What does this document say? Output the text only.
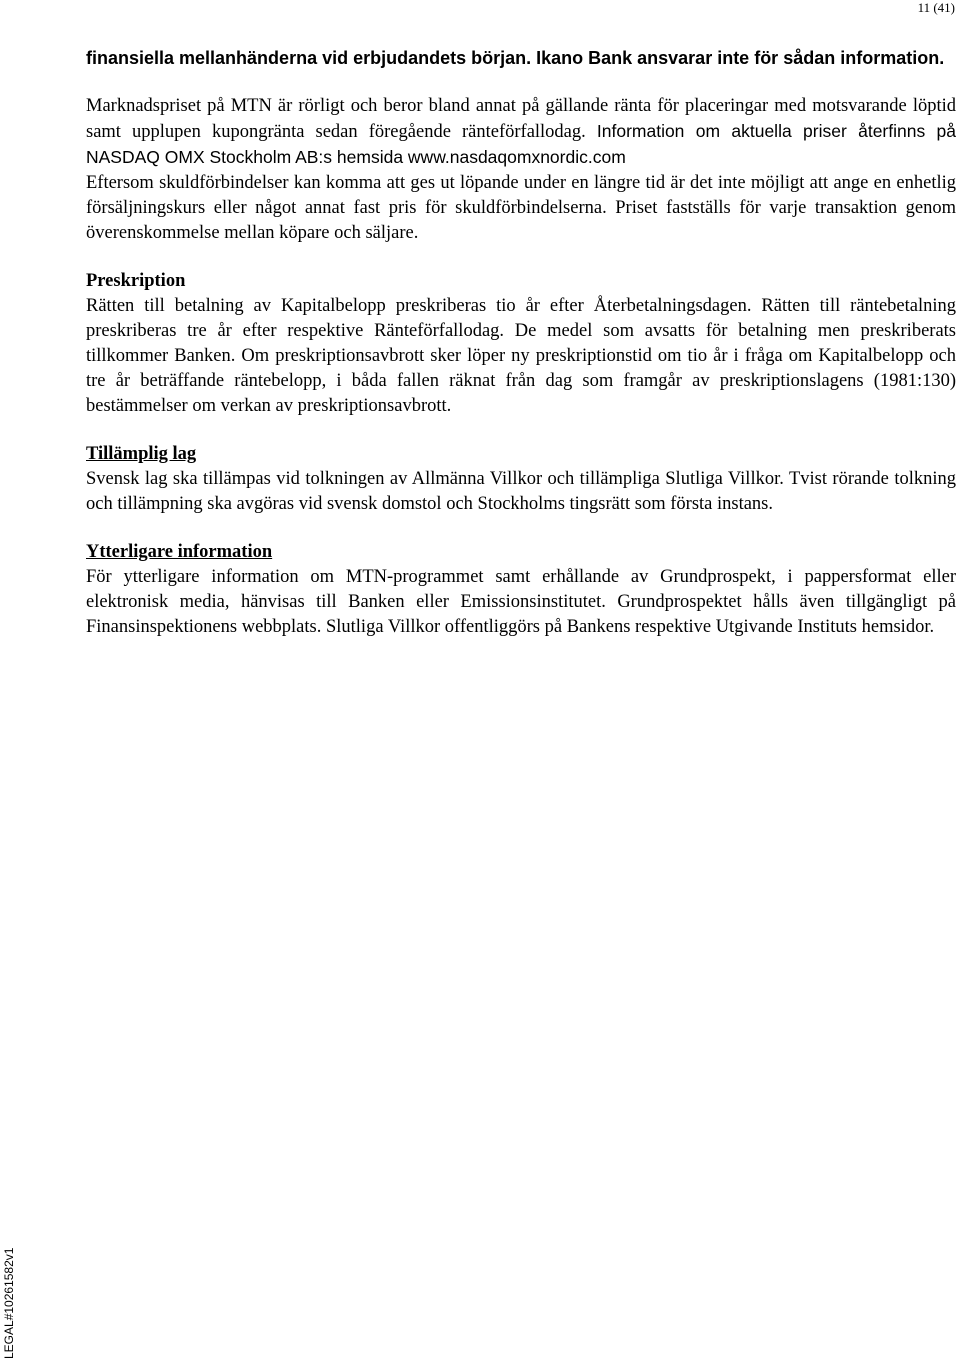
11 (41)

finansiella mellanhänderna vid erbjudandets början. Ikano Bank ansvarar inte för sådan information.

Marknadspriset på MTN är rörligt och beror bland annat på gällande ränta för placeringar med motsvarande löptid samt upplupen kupongränta sedan föregående ränteförfallodag. Information om aktuella priser återfinns på NASDAQ OMX Stockholm AB:s hemsida www.nasdaqomxnordic.com

Eftersom skuldförbindelser kan komma att ges ut löpande under en längre tid är det inte möjligt att ange en enhetlig försäljningskurs eller något annat fast pris för skuldförbindelserna. Priset fastställs för varje transaktion genom överenskommelse mellan köpare och säljare.

Preskription

Rätten till betalning av Kapitalbelopp preskriberas tio år efter Återbetalningsdagen. Rätten till räntebetalning preskriberas tre år efter respektive Ränteförfallodag. De medel som avsatts för betalning men preskriberats tillkommer Banken. Om preskriptionsavbrott sker löper ny preskriptionstid om tio år i fråga om Kapitalbelopp och tre år beträffande räntebelopp, i båda fallen räknat från dag som framgår av preskriptionslagens (1981:130) bestämmelser om verkan av preskriptionsavbrott.

Tillämplig lag

Svensk lag ska tillämpas vid tolkningen av Allmänna Villkor och tillämpliga Slutliga Villkor. Tvist rörande tolkning och tillämpning ska avgöras vid svensk domstol och Stockholms tingsrätt som första instans.

Ytterligare information

För ytterligare information om MTN-programmet samt erhållande av Grundprospekt, i pappersformat eller elektronisk media, hänvisas till Banken eller Emissionsinstitutet. Grundprospektet hålls även tillgängligt på Finansinspektionens webbplats. Slutliga Villkor offentliggörs på Bankens respektive Utgivande Instituts hemsidor.

LEGAL#10261582v1
